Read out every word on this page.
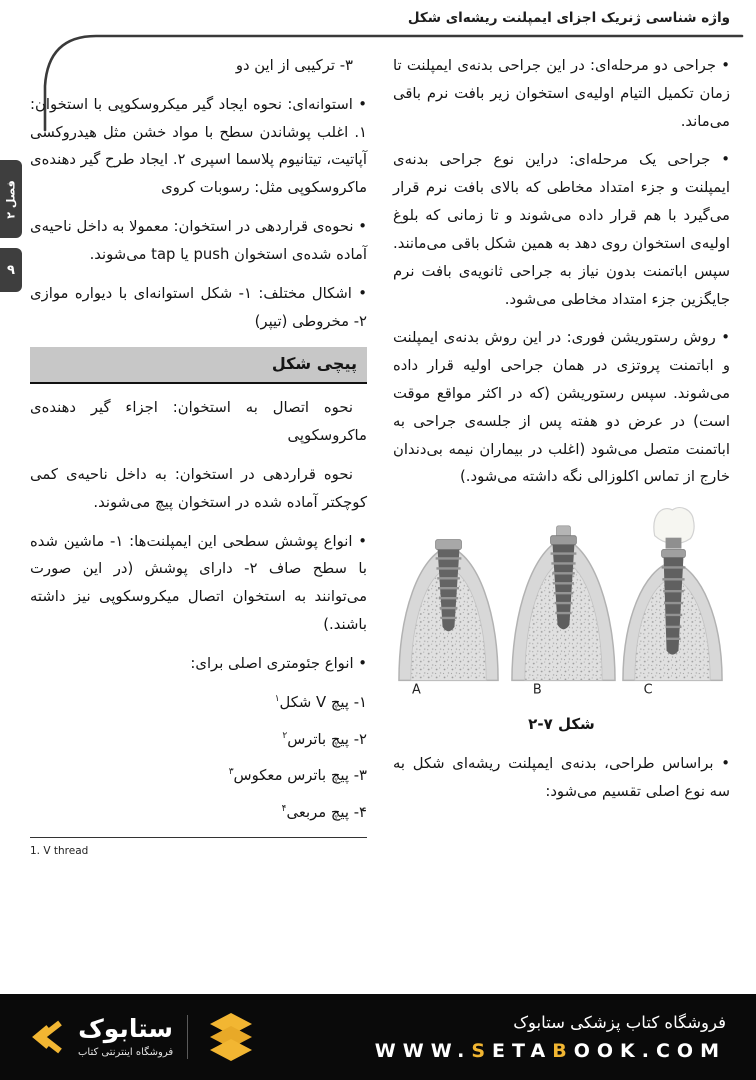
واژه شناسی ژنریک اجزای ایمپلنت ریشه‌ای شکل
فصل ۲
۹

• جراحی دو مرحله‌ای: در این جراحی بدنه‌ی ایمپلنت تا زمان تکمیل التیام اولیه‌ی استخوان زیر بافت نرم باقی می‌ماند.

• جراحی یک مرحله‌ای: دراین نوع جراحی بدنه‌ی ایمپلنت و جزء امتداد مخاطی که بالای بافت نرم قرار می‌گیرد با هم قرار داده می‌شوند و تا زمانی که بلوغ اولیه‌ی استخوان روی دهد به همین شکل باقی می‌مانند. سپس اباتمنت بدون نیاز به جراحی ثانویه‌ی بافت نرم جایگزین جزء امتداد مخاطی می‌شود.

• روش رستوریشن فوری: در این روش بدنه‌ی ایمپلنت و اباتمنت پروتزی در همان جراحی اولیه قرار داده می‌شوند. سپس رستوریشن (که در اکثر مواقع موقت است) در عرض دو هفته پس از جلسه‌ی جراحی به اباتمنت متصل می‌شود (اغلب در بیماران نیمه بی‌دندان خارج از تماس اکلوزالی نگه داشته می‌شود.)

A	B	C
شکل ۷-۲

• براساس طراحی، بدنه‌ی ایمپلنت ریشه‌ای شکل به سه نوع اصلی تقسیم می‌شود:

۳- ترکیبی از این دو

• استوانه‌ای: نحوه ایجاد گیر میکروسکوپی با استخوان: ۱. اغلب پوشاندن سطح با مواد خشن مثل هیدروکسی آپاتیت، تیتانیوم پلاسما اسپری ۲. ایجاد طرح گیر دهنده‌ی ماکروسکوپی مثل: رسوبات کروی

• نحوه‌ی قراردهی در استخوان: معمولا به داخل ناحیه‌ی آماده شده‌ی استخوان push یا tap می‌شوند.

• اشکال مختلف: ۱- شکل استوانه‌ای با دیواره موازی ۲- مخروطی (تیپر)

پیچی شکل

نحوه اتصال به استخوان: اجزاء گیر دهنده‌ی ماکروسکوپی

نحوه قراردهی در استخوان: به داخل ناحیه‌ی کمی کوچکتر آماده شده در استخوان پیچ می‌شوند.

• انواع پوشش سطحی این ایمپلنت‌ها: ۱- ماشین شده با سطح صاف ۲- دارای پوشش (در این صورت می‌توانند به استخوان اتصال میکروسکوپی نیز داشته باشند.)

• انواع جئومتری اصلی برای:

۱- پیچ V شکل$^۱$
۲- پیچ باترس$^۲$
۳- پیچ باترس معکوس$^۳$
۴- پیچ مربعی$^۴$

1. V thread

ستابوک
فروشگاه اینترنتی کتاب
فروشگاه کتاب پزشکی ستابوک
WWW.SETABOOK.COM
